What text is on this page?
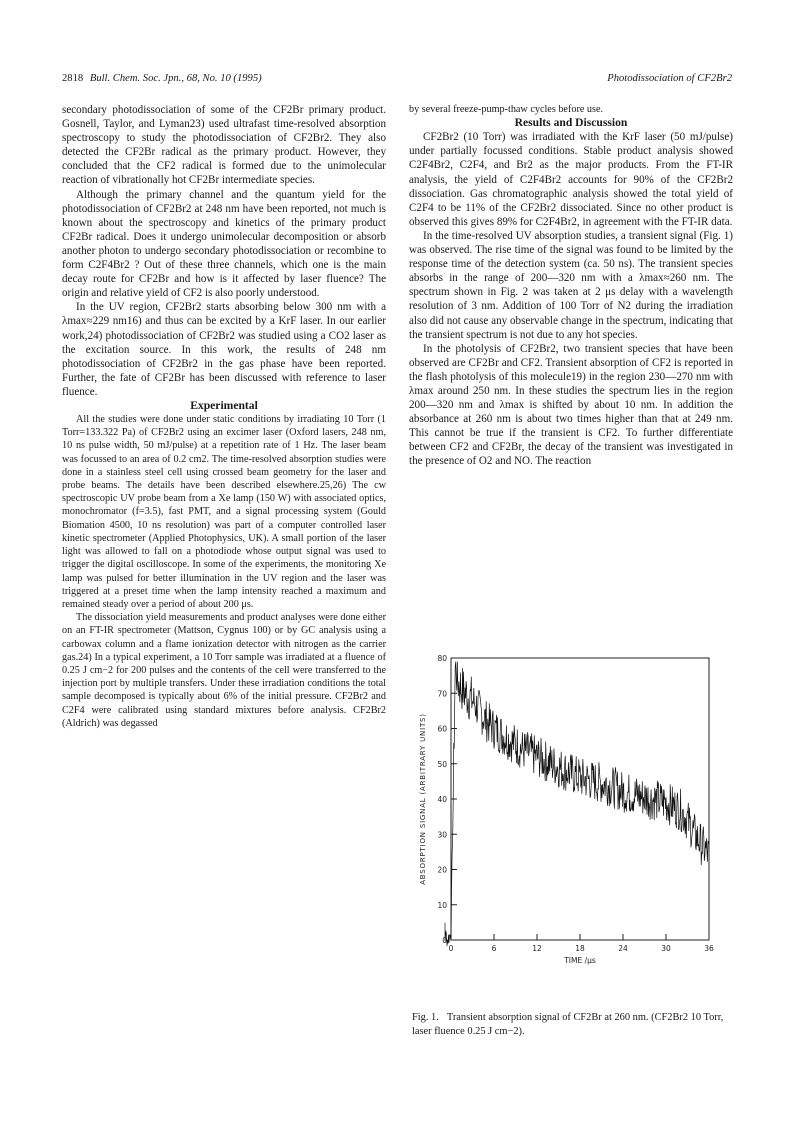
2818 Bull. Chem. Soc. Jpn., 68, No. 10 (1995)	Photodissociation of CF2Br2

secondary photodissociation of some of the CF2Br primary product. Gosnell, Taylor, and Lyman23) used ultrafast time-resolved absorption spectroscopy to study the photodissociation of CF2Br2. They also detected the CF2Br radical as the primary product. However, they concluded that the CF2 radical is formed due to the unimolecular reaction of vibrationally hot CF2Br intermediate species.

Although the primary channel and the quantum yield for the photodissociation of CF2Br2 at 248 nm have been reported, not much is known about the spectroscopy and kinetics of the primary product CF2Br radical. Does it undergo unimolecular decomposition or absorb another photon to undergo secondary photodissociation or recombine to form C2F4Br2 ? Out of these three channels, which one is the main decay route for CF2Br and how is it affected by laser fluence? The origin and relative yield of CF2 is also poorly understood.

In the UV region, CF2Br2 starts absorbing below 300 nm with a λmax≈229 nm16) and thus can be excited by a KrF laser. In our earlier work,24) photodissociation of CF2Br2 was studied using a CO2 laser as the excitation source. In this work, the results of 248 nm photodissociation of CF2Br2 in the gas phase have been reported. Further, the fate of CF2Br has been discussed with reference to laser fluence.

Experimental

All the studies were done under static conditions by irradiating 10 Torr (1 Torr=133.322 Pa) of CF2Br2 using an excimer laser (Oxford lasers, 248 nm, 10 ns pulse width, 50 mJ/pulse) at a repetition rate of 1 Hz. The laser beam was focussed to an area of 0.2 cm2. The time-resolved absorption studies were done in a stainless steel cell using crossed beam geometry for the laser and probe beams. The details have been described elsewhere.25,26) The cw spectroscopic UV probe beam from a Xe lamp (150 W) with associated optics, monochromator (f=3.5), fast PMT, and a signal processing system (Gould Biomation 4500, 10 ns resolution) was part of a computer controlled laser kinetic spectrometer (Applied Photophysics, UK). A small portion of the laser light was allowed to fall on a photodiode whose output signal was used to trigger the digital oscilloscope. In some of the experiments, the monitoring Xe lamp was pulsed for better illumination in the UV region and the laser was triggered at a preset time when the lamp intensity reached a maximum and remained steady over a period of about 200 μs.

The dissociation yield measurements and product analyses were done either on an FT-IR spectrometer (Mattson, Cygnus 100) or by GC analysis using a carbowax column and a flame ionization detector with nitrogen as the carrier gas.24) In a typical experiment, a 10 Torr sample was irradiated at a fluence of 0.25 J cm−2 for 200 pulses and the contents of the cell were transferred to the injection port by multiple transfers. Under these irradiation conditions the total sample decomposed is typically about 6% of the initial pressure. CF2Br2 and C2F4 were calibrated using standard mixtures before analysis. CF2Br2 (Aldrich) was degassed

by several freeze-pump-thaw cycles before use.

Results and Discussion

CF2Br2 (10 Torr) was irradiated with the KrF laser (50 mJ/pulse) under partially focussed conditions. Stable product analysis showed C2F4Br2, C2F4, and Br2 as the major products. From the FT-IR analysis, the yield of C2F4Br2 accounts for 90% of the CF2Br2 dissociation. Gas chromatographic analysis showed the total yield of C2F4 to be 11% of the CF2Br2 dissociated. Since no other product is observed this gives 89% for C2F4Br2, in agreement with the FT-IR data.

In the time-resolved UV absorption studies, a transient signal (Fig. 1) was observed. The rise time of the signal was found to be limited by the response time of the detection system (ca. 50 ns). The transient species absorbs in the range of 200—320 nm with a λmax≈260 nm. The spectrum shown in Fig. 2 was taken at 2 μs delay with a wavelength resolution of 3 nm. Addition of 100 Torr of N2 during the irradiation also did not cause any observable change in the spectrum, indicating that the transient spectrum is not due to any hot species.

In the photolysis of CF2Br2, two transient species that have been observed are CF2Br and CF2. Transient absorption of CF2 is reported in the flash photolysis of this molecule19) in the region 230—270 nm with λmax around 250 nm. In these studies the spectrum lies in the region 200—320 nm and λmax is shifted by about 10 nm. In addition the absorbance at 260 nm is about two times higher than that at 249 nm. This cannot be true if the transient is CF2. To further differentiate between CF2 and CF2Br, the decay of the transient was investigated in the presence of O2 and NO. The reaction

0
10
20
30
40
50
60
70
80
0	6	12	18	24	30	36
TIME /μs
ABSORPTION SIGNAL (ARBITRARY UNITS)
Fig. 1. Transient absorption signal of CF2Br at 260 nm. (CF2Br2 10 Torr, laser fluence 0.25 J cm−2).
